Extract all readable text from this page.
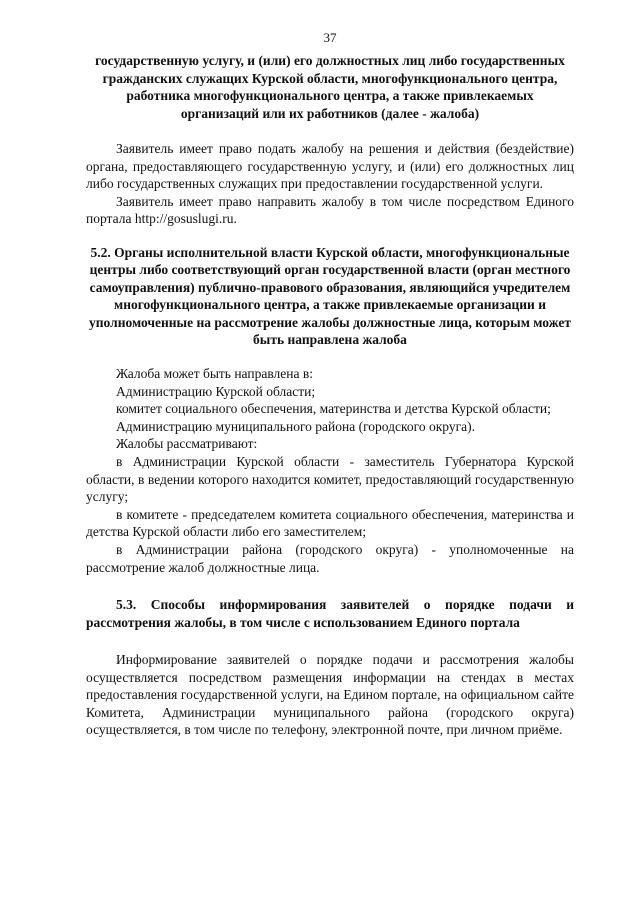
37
государственную услугу, и (или) его должностных лиц либо государственных гражданских служащих Курской области, многофункционального центра, работника многофункционального центра, а также привлекаемых организаций или их работников (далее - жалоба)
Заявитель имеет право подать жалобу на решения и действия (бездействие) органа, предоставляющего государственную услугу, и (или) его должностных лиц либо государственных служащих при предоставлении государственной услуги.
Заявитель имеет право направить жалобу в том числе посредством Единого портала http://gosuslugi.ru.
5.2. Органы исполнительной власти Курской области, многофункциональные центры либо соответствующий орган государственной власти (орган местного самоуправления) публично-правового образования, являющийся учредителем многофункционального центра, а также привлекаемые организации и уполномоченные на рассмотрение жалобы должностные лица, которым может быть направлена жалоба
Жалоба может быть направлена в:
Администрацию Курской области;
комитет социального обеспечения, материнства и детства Курской области;
Администрацию муниципального района (городского округа).
Жалобы рассматривают:
в Администрации Курской области - заместитель Губернатора Курской области, в ведении которого находится комитет, предоставляющий государственную услугу;
в комитете - председателем комитета социального обеспечения, материнства и детства Курской области либо его заместителем;
в Администрации района (городского округа) - уполномоченные на рассмотрение жалоб должностные лица.
5.3. Способы информирования заявителей о порядке подачи и рассмотрения жалобы, в том числе с использованием Единого портала
Информирование заявителей о порядке подачи и рассмотрения жалобы осуществляется посредством размещения информации на стендах в местах предоставления государственной услуги, на Едином портале, на официальном сайте Комитета, Администрации муниципального района (городского округа) осуществляется, в том числе по телефону, электронной почте, при личном приёме.
